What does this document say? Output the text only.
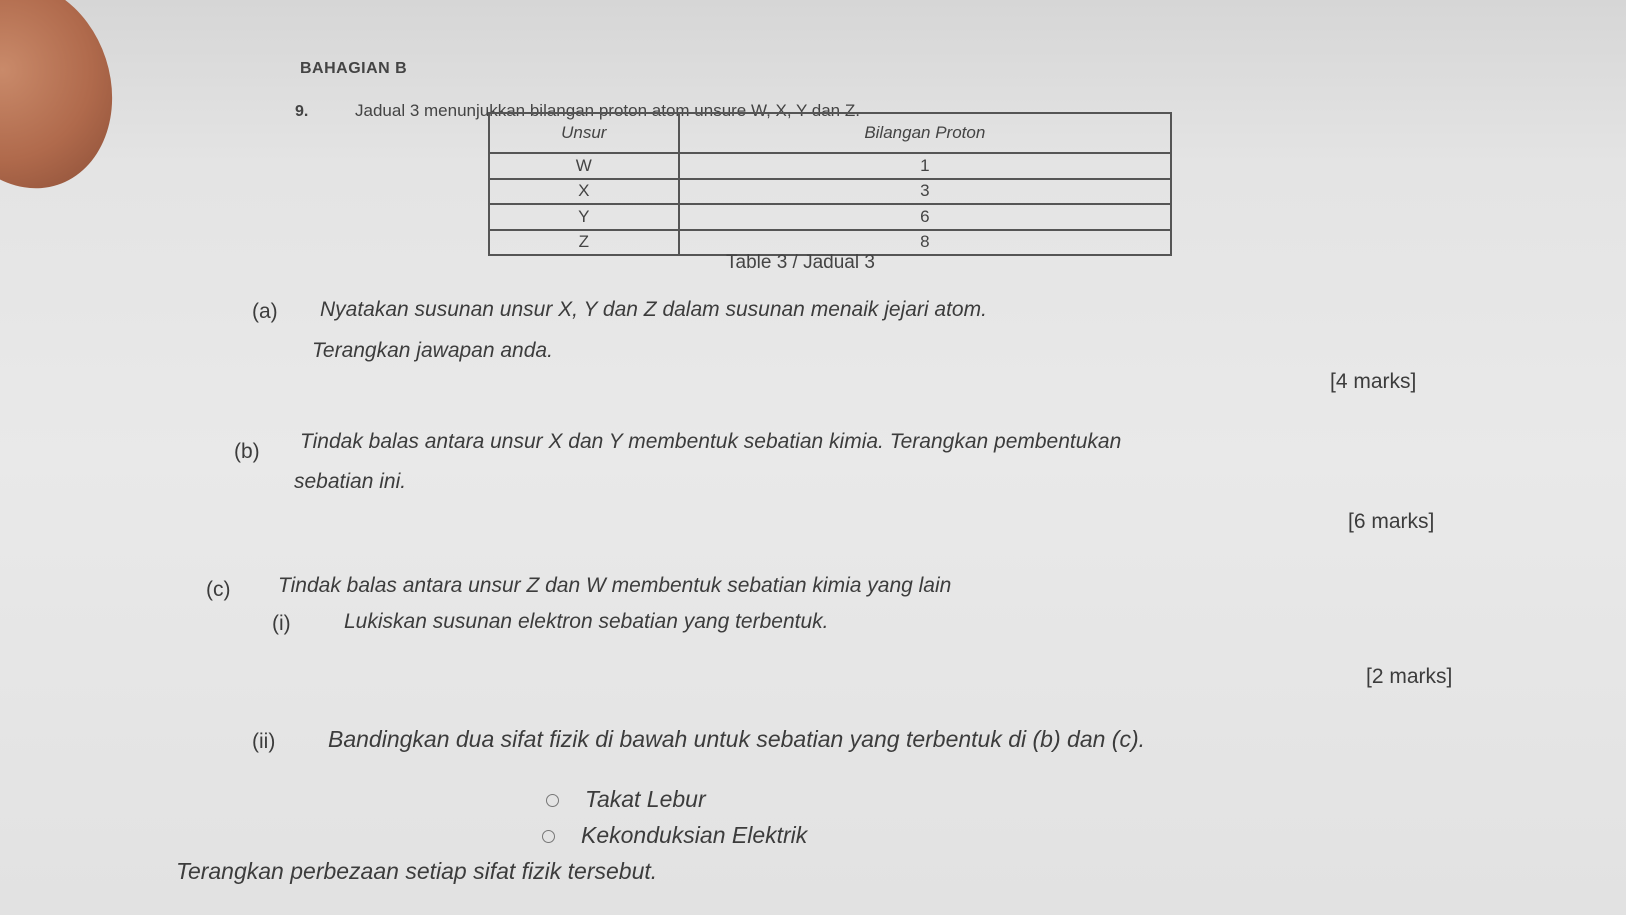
BAHAGIAN B
9.	Jadual 3 menunjukkan bilangan proton atom unsure W, X, Y dan Z.
Unsur	Bilangan Proton
W	1
X	3
Y	6
Z	8
Table 3 / Jadual 3
(a) Nyatakan susunan unsur X, Y dan Z dalam susunan menaik jejari atom.
Terangkan jawapan anda.
[4 marks]
(b) Tindak balas antara unsur X dan Y membentuk sebatian kimia. Terangkan pembentukan
sebatian ini.
[6 marks]
(c) Tindak balas antara unsur Z dan W membentuk sebatian kimia yang lain
(i)	Lukiskan susunan elektron sebatian yang terbentuk.
[2 marks]
(ii) Bandingkan dua sifat fizik di bawah untuk sebatian yang terbentuk di (b) dan (c).
Takat Lebur
Kekonduksian Elektrik
Terangkan perbezaan setiap sifat fizik tersebut.
